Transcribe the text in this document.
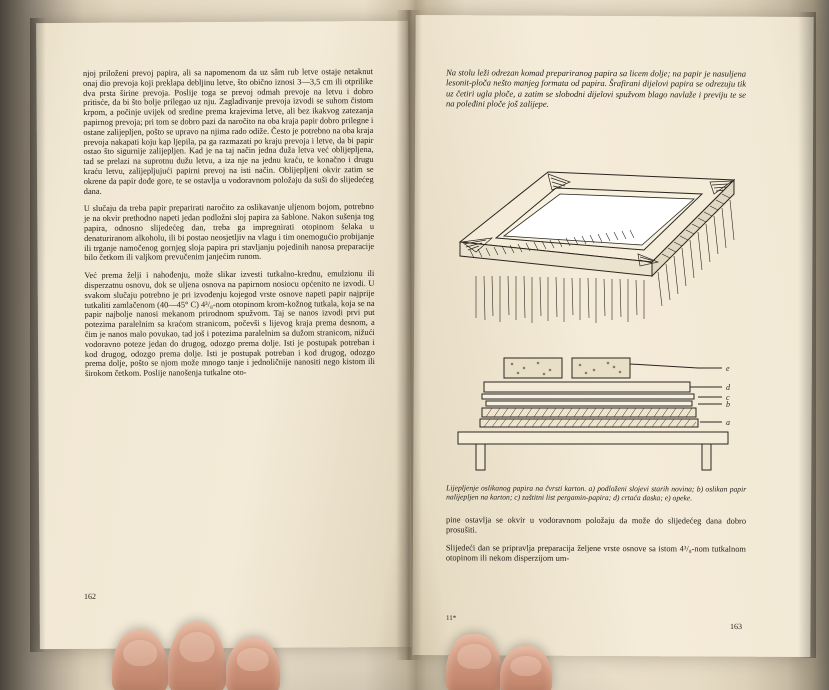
njoj priloženi prevoj papira, ali sa napomenom da uz sâm rub letve ostaje netaknut onaj dio prevoja koji preklapa debljinu letve, što obično iznosi 3—3,5 cm ili otprilike dva prsta širine prevoja. Poslije toga se prevoj odmah prevoje na letvu i dobro pritisće, da bi što bolje prilegao uz nju. Zaglađivanje prevoja izvodi se suhom čistom krpom, a počinje uvijek od sredine prema krajevima letve, ali bez ikakvog zatezanja papirnog prevoja; pri tom se dobro pazi da naročito na oba kraja papir dobro prilegne i ostane zalijepljen, pošto se upravo na njima rado odiže. Često je potrebno na oba kraja prevoja nakapati koju kap ljepila, pa ga razmazati po kraju prevoja i letve, da bi papir ostao što sigurnije zalijepljen. Kad je na taj način jedna duža letva već oblijepljena, tad se prelazi na suprotnu dužu letvu, a iza nje na jednu kraću, te konačno i drugu kraću letvu, zalijepljujući papirni prevoj na isti način. Oblijepljeni okvir zatim se okrene da papir dođe gore, te se ostavlja u vodoravnom položaju da suši do slijedećeg dana.

U slučaju da treba papir preparirati naročito za oslikavanje uljenom bojom, potrebno je na okvir prethodno napeti jedan podložni sloj papira za šablone. Nakon sušenja tog papira, odnosno slijedećeg dan, treba ga impregnirati otopinom šelaka u denaturiranom alkoholu, ili bi postao neosjetljiv na vlagu i tim onemogućio probijanje ili trganje namočenog gornjeg sloja papira pri stavljanju pojedinih nanosa preparacije bilo četkom ili valjkom prevučenim janjećim runom.

Već prema želji i nahođenju, može slikar izvesti tutkalno-krednu, emulzionu ili disperzatnu osnovu, dok se uljena osnova na papirnom nosiocu općenito ne izvodi. U svakom slučaju potrebno je pri izvođenju kojegod vrste osnove napeti papir najprije tutkaliti zamlačenom (40—45° C) 4³/₈-nom otopinom krom-kožnog tutkala, koja se na papir najbolje nanosi mekanom prirodnom spužvom. Taj se nanos izvodi prvi put potezima paralelnim sa kraćom stranicom, počevši s lijevog kraja prema desnom, a čim je nanos malo povukao, tad još i potezima paralelnim sa dužom stranicom, nižući vodoravno poteze jedan do drugog, odozgo prema dolje. Isti je postupak potreban i kod drugog, odozgo prema dolje. Isti je postupak potreban i kod drugog, odozgo prema dolje, pošto se njom može mnogo tanje i jednoličnije nanositi nego kistom ili širokom četkom. Poslije nanošenja tutkalne oto-

162

Na stolu leži odrezan komad prepariranog papira sa licem dolje; na papir je nasuljena lesonit-ploča nešto manjeg formata od papira. Šrafirani dijelovi papira se odrezuju tik uz četiri ugla ploče, a zatim se slobodni dijelovi spužvom blago navlaže i previju te se na poleđini ploče još zalijepe.

e
d
c
b
a

Lijepljenje oslikanog papira na čvrsti karton. a) podloženi slojevi starih novina; b) oslikan papir nalijepljen na karton; c) zaštitni list pergamin-papira; d) crtaća daska; e) opeke.

pine ostavlja se okvir u vodoravnom položaju da može do slijedećeg dana dobro prosušiti.

Slijedeći dan se pripravlja preparacija željene vrste osnove sa istom 4³/₈-nom tutkalnom otopinom ili nekom disperzijom um-

11*
163
